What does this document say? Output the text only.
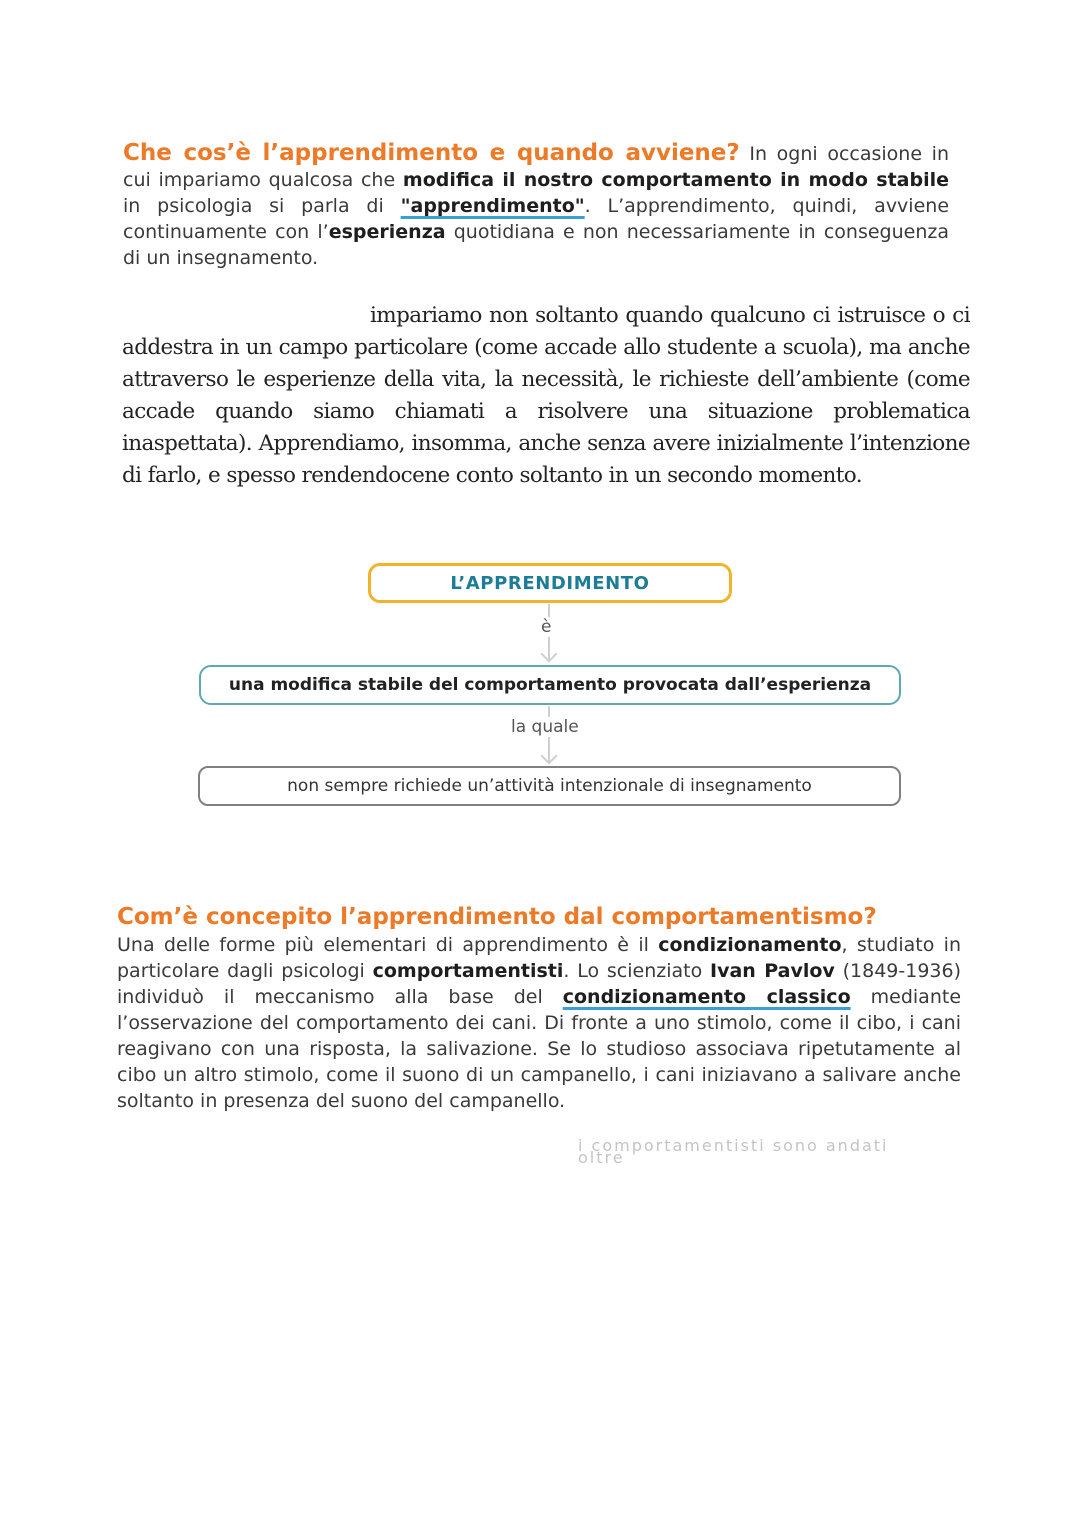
Che cos’è l’apprendimento e quando avviene? In ogni occasione in cui impariamo qualcosa che modifica il nostro comportamento in modo stabile in psicologia si parla di "apprendimento". L’apprendimento, quindi, avviene continuamente con l’esperienza quotidiana e non necessariamente in conseguenza di un insegnamento.

impariamo non soltanto quando qualcuno ci istruisce o ci addestra in un campo particolare (come accade allo studente a scuola), ma anche attraverso le esperienze della vita, la necessità, le richieste dell’ambiente (come accade quando siamo chiamati a risolvere una situazione problematica inaspettata). Apprendiamo, insomma, anche senza avere inizialmente l’intenzione di farlo, e spesso rendendocene conto soltanto in un secondo momento.

L’APPRENDIMENTO
è
una modifica stabile del comportamento provocata dall’esperienza
la quale
non sempre richiede un’attività intenzionale di insegnamento
Com’è concepito l’apprendimento dal comportamentismo?

Una delle forme più elementari di apprendimento è il condizionamento, studiato in particolare dagli psicologi comportamentisti. Lo scienziato Ivan Pavlov (1849-1936) individuò il meccanismo alla base del condizionamento classico mediante l’osservazione del comportamento dei cani. Di fronte a uno stimolo, come il cibo, i cani reagivano con una risposta, la salivazione. Se lo studioso associava ripetutamente al cibo un altro stimolo, come il suono di un campanello, i cani iniziavano a salivare anche soltanto in presenza del suono del campanello.

i comportamentisti sono andati oltre
